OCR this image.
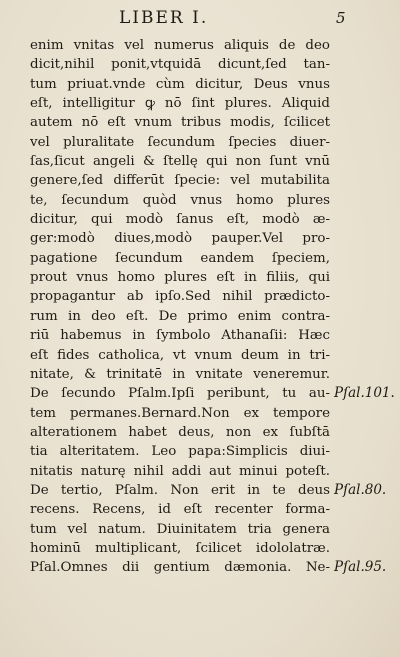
LIBER I.	5
enim vnitas vel numerus aliquis de deo
dicit,nihil ponit,vtquidā dicunt,ſed tan-
tum priuat.vnde cùm dicitur, Deus vnus
eſt, intelligitur ꝙ nō ſint plures. Aliquid
autem nō eſt vnum tribus modis, ſcilicet
vel pluralitate ſecundum ſpecies diuer-
ſas,ſicut angeli & ſtellę qui non ſunt vnū
genere,ſed differūt ſpecie: vel mutabilita
te, ſecundum quòd vnus homo plures
dicitur, qui modò ſanus eſt, modò æ-
ger:modò diues,modò pauper.Vel pro-
pagatione ſecundum eandem ſpeciem,
prout vnus homo plures eſt in filiis, qui
propagantur ab ipſo.Sed nihil prædicto-
rum in deo eſt. De primo enim contra-
riū habemus in ſymbolo Athanaſii: Hæc
eſt fides catholica, vt vnum deum in tri-
nitate, & trinitatē in vnitate veneremur.
De ſecundo Pſalm.Ipſi peribunt, tu au-
tem permanes.Bernard.Non ex tempore
alterationem habet deus, non ex ſubſtā
tia alteritatem. Leo papa:Simplicis diui-
nitatis naturę nihil addi aut minui poteſt.
De tertio, Pſalm. Non erit in te deus
recens. Recens, id eſt recenter forma-
tum vel natum. Diuinitatem tria genera
hominū multiplicant, ſcilicet idololatræ.
Pſal.Omnes dii gentium dæmonia. Ne-
Pſal.101.
Pſal.80.
Pſal.95.
